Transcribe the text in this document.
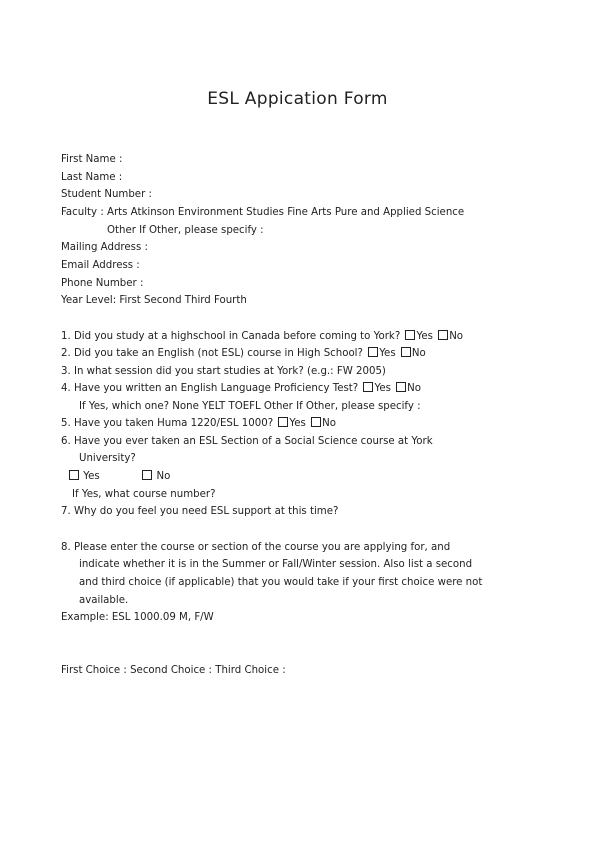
ESL Appication Form
First Name :
Last Name :
Student Number :
Faculty : Arts Atkinson Environment Studies Fine Arts Pure and Applied Science
Other If Other, please specify :
Mailing Address :
Email Address :
Phone Number :
Year Level: First Second Third Fourth
1. Did you study at a highschool in Canada before coming to York? Yes No
2. Did you take an English (not ESL) course in High School? Yes No
3. In what session did you start studies at York? (e.g.: FW 2005)
4. Have you written an English Language Proficiency Test? Yes No
If Yes, which one? None YELT TOEFL Other If Other, please specify :
5. Have you taken Huma 1220/ESL 1000? Yes No
6. Have you ever taken an ESL Section of a Social Science course at York
University?
Yes	No
If Yes, what course number?
7. Why do you feel you need ESL support at this time?
8. Please enter the course or section of the course you are applying for, and
indicate whether it is in the Summer or Fall/Winter session. Also list a second
and third choice (if applicable) that you would take if your first choice were not
available.
Example: ESL 1000.09 M, F/W
First Choice : Second Choice : Third Choice :
